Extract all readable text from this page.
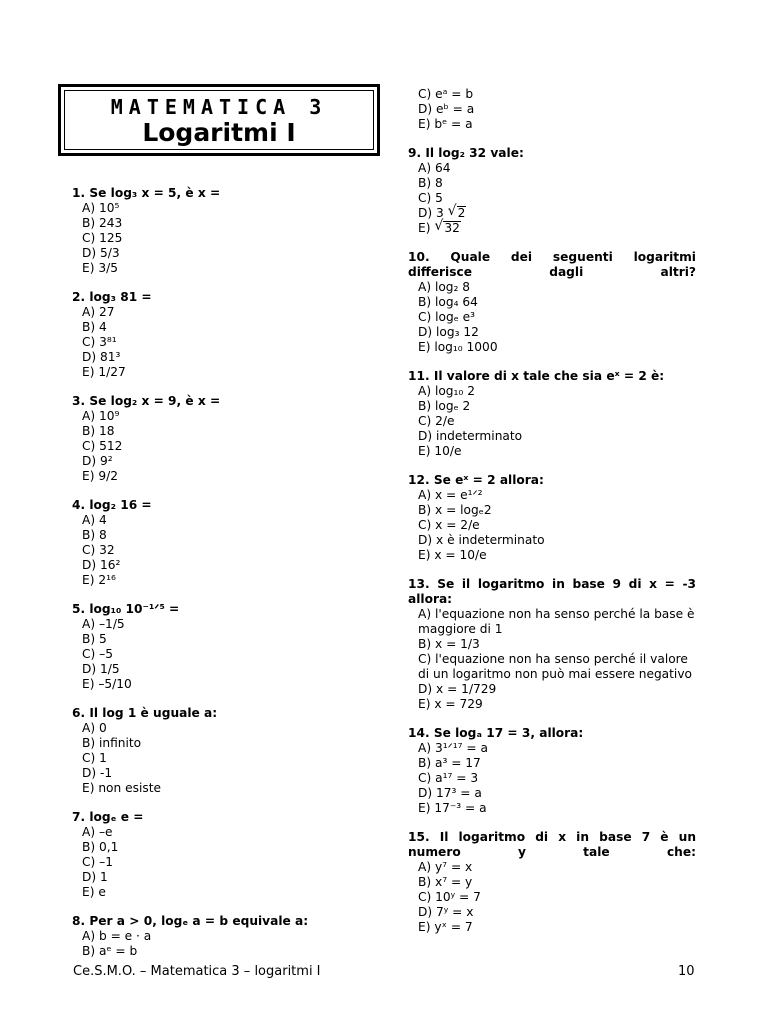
MATEMATICA 3
Logaritmi I
1. Se log₃ x = 5, è x =
A) 10⁵
B) 243
C) 125
D) 5/3
E) 3/5
2. log₃ 81 =
A) 27
B) 4
C) 3⁸¹
D) 81³
E) 1/27
3. Se log₂ x = 9, è x =
A) 10⁹
B) 18
C) 512
D) 9²
E) 9/2
4. log₂ 16 =
A) 4
B) 8
C) 32
D) 16²
E) 2¹⁶
5. log₁₀ 10⁻¹ᐟ⁵ =
A) –1/5
B) 5
C) –5
D) 1/5
E) –5/10
6. Il log 1 è uguale a:
A) 0
B) infinito
C) 1
D) -1
E) non esiste
7. logₑ e =
A) –e
B) 0,1
C) –1
D) 1
E) e
8. Per a > 0, logₑ a = b equivale a:
A) b = e · a
B) aᵉ = b
C) eᵃ = b
D) eᵇ = a
E) bᵉ = a
9. Il log₂ 32 vale:
A) 64
B) 8
C) 5
D) 3 √ 2
E) √ 32
10. Quale dei seguenti logaritmi differisce dagli altri?
A) log₂ 8
B) log₄ 64
C) logₑ e³
D) log₃ 12
E) log₁₀ 1000
11. Il valore di x tale che sia eˣ = 2 è:
A) log₁₀ 2
B) logₑ 2
C) 2/e
D) indeterminato
E) 10/e
12. Se eˣ = 2 allora:
A) x = e¹ᐟ²
B) x = logₑ2
C) x = 2/e
D) x è indeterminato
E) x = 10/e
13. Se il logaritmo in base 9 di x = -3 allora:
A) l'equazione non ha senso perché la base è maggiore di 1
B) x = 1/3
C) l'equazione non ha senso perché il valore di un logaritmo non può mai essere negativo
D) x = 1/729
E) x = 729
14. Se logₐ 17 = 3, allora:
A) 3¹ᐟ¹⁷ = a
B) a³ = 17
C) a¹⁷ = 3
D) 17³ = a
E) 17⁻³ = a
15. Il logaritmo di x in base 7 è un numero y tale che:
A) y⁷ = x
B) x⁷ = y
C) 10ʸ = 7
D) 7ʸ = x
E) yˣ = 7
Ce.S.M.O. – Matematica 3 – logaritmi I	10
